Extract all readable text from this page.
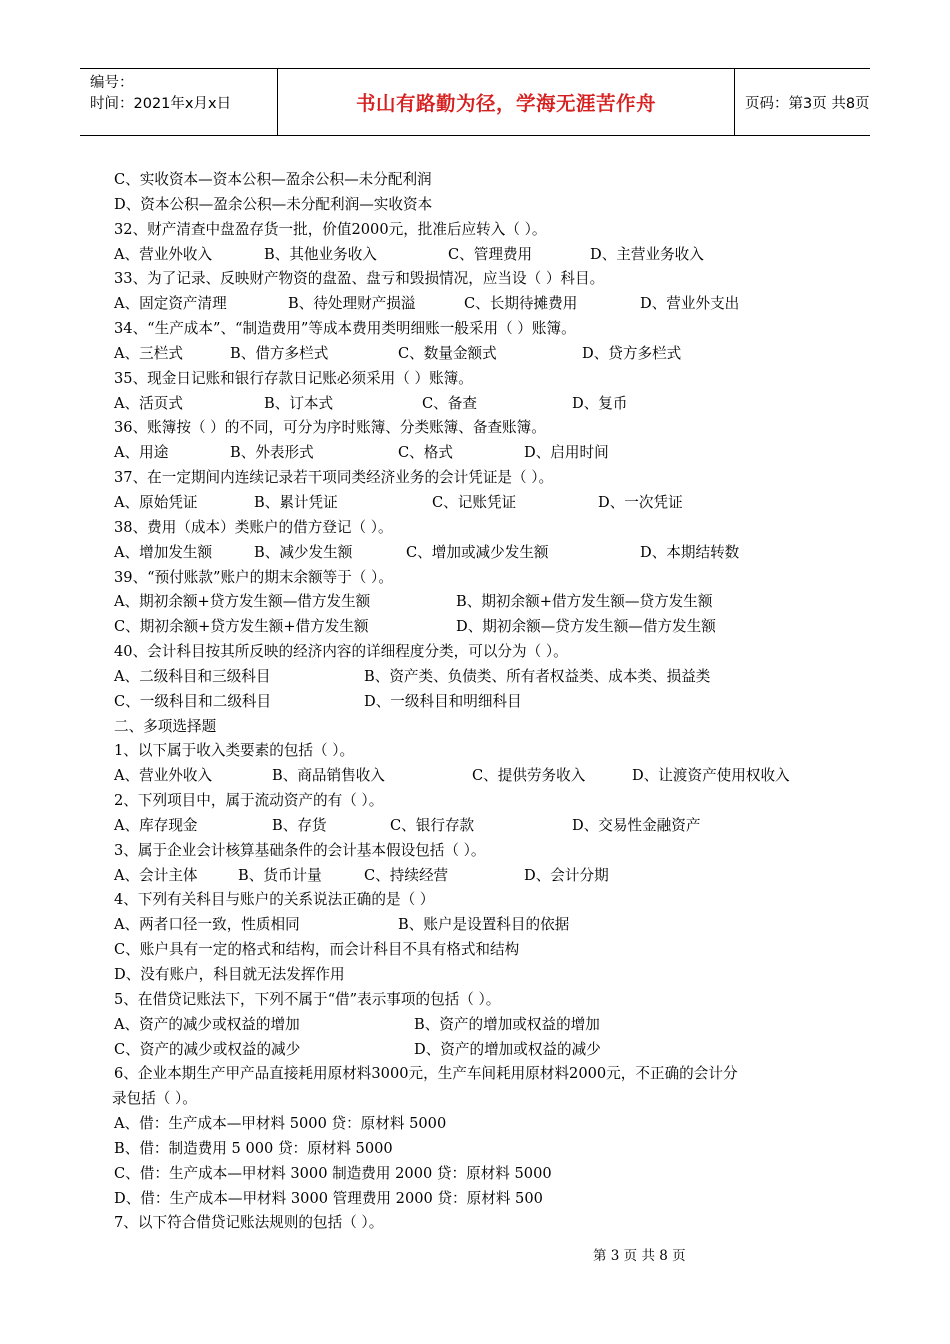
编号：
时间：2021年x月x日	书山有路勤为径，学海无涯苦作舟	页码：第3页 共8页
C、实收资本—资本公积—盈余公积—未分配利润
D、资本公积—盈余公积—未分配利润—实收资本
32、财产清查中盘盈存货一批，价值2000元，批准后应转入（ ）。
A、营业外收入	B、其他业务收入	C、管理费用	D、主营业务收入
33、为了记录、反映财产物资的盘盈、盘亏和毁损情况，应当设（ ）科目。
A、固定资产清理	B、待处理财产损溢	C、长期待摊费用	D、营业外支出
34、“生产成本”、“制造费用”等成本费用类明细账一般采用（ ）账簿。
A、三栏式	B、借方多栏式	C、数量金额式	D、贷方多栏式
35、现金日记账和银行存款日记账必须采用（ ）账簿。
A、活页式	B、订本式	C、备查	D、复币
36、账簿按（ ）的不同，可分为序时账簿、分类账簿、备查账簿。
A、用途	B、外表形式	C、格式	D、启用时间
37、在一定期间内连续记录若干项同类经济业务的会计凭证是（ ）。
A、原始凭证	B、累计凭证	C、记账凭证	D、一次凭证
38、费用（成本）类账户的借方登记（ ）。
A、增加发生额	B、减少发生额	C、增加或减少发生额	D、本期结转数
39、“预付账款”账户的期末余额等于（ ）。
A、期初余额+贷方发生额—借方发生额	B、期初余额+借方发生额—贷方发生额
C、期初余额+贷方发生额+借方发生额	D、期初余额—贷方发生额—借方发生额
40、会计科目按其所反映的经济内容的详细程度分类，可以分为（ ）。
A、二级科目和三级科目	B、资产类、负债类、所有者权益类、成本类、损益类
C、一级科目和二级科目	D、一级科目和明细科目
二、多项选择题
1、以下属于收入类要素的包括（ ）。
A、营业外收入	B、商品销售收入	C、提供劳务收入	D、让渡资产使用权收入
2、下列项目中，属于流动资产的有（ ）。
A、库存现金	B、存货	C、银行存款	D、交易性金融资产
3、属于企业会计核算基础条件的会计基本假设包括（ ）。
A、会计主体	B、货币计量	C、持续经营	D、会计分期
4、下列有关科目与账户的关系说法正确的是（ ）
A、两者口径一致，性质相同	B、账户是设置科目的依据
C、账户具有一定的格式和结构，而会计科目不具有格式和结构
D、没有账户，科目就无法发挥作用
5、在借贷记账法下，下列不属于“借”表示事项的包括（ ）。
A、资产的减少或权益的增加	B、资产的增加或权益的增加
C、资产的减少或权益的减少	D、资产的增加或权益的减少
6、企业本期生产甲产品直接耗用原材料3000元，生产车间耗用原材料2000元，不正确的会计分
录包括（ ）。
A、借：生产成本—甲材料 5000 贷：原材料 5000
B、借：制造费用 5 000 贷：原材料 5000
C、借：生产成本—甲材料 3000 制造费用 2000 贷：原材料 5000
D、借：生产成本—甲材料 3000 管理费用 2000 贷：原材料 500
7、以下符合借贷记账法规则的包括（ ）。
第 3 页 共 8 页
